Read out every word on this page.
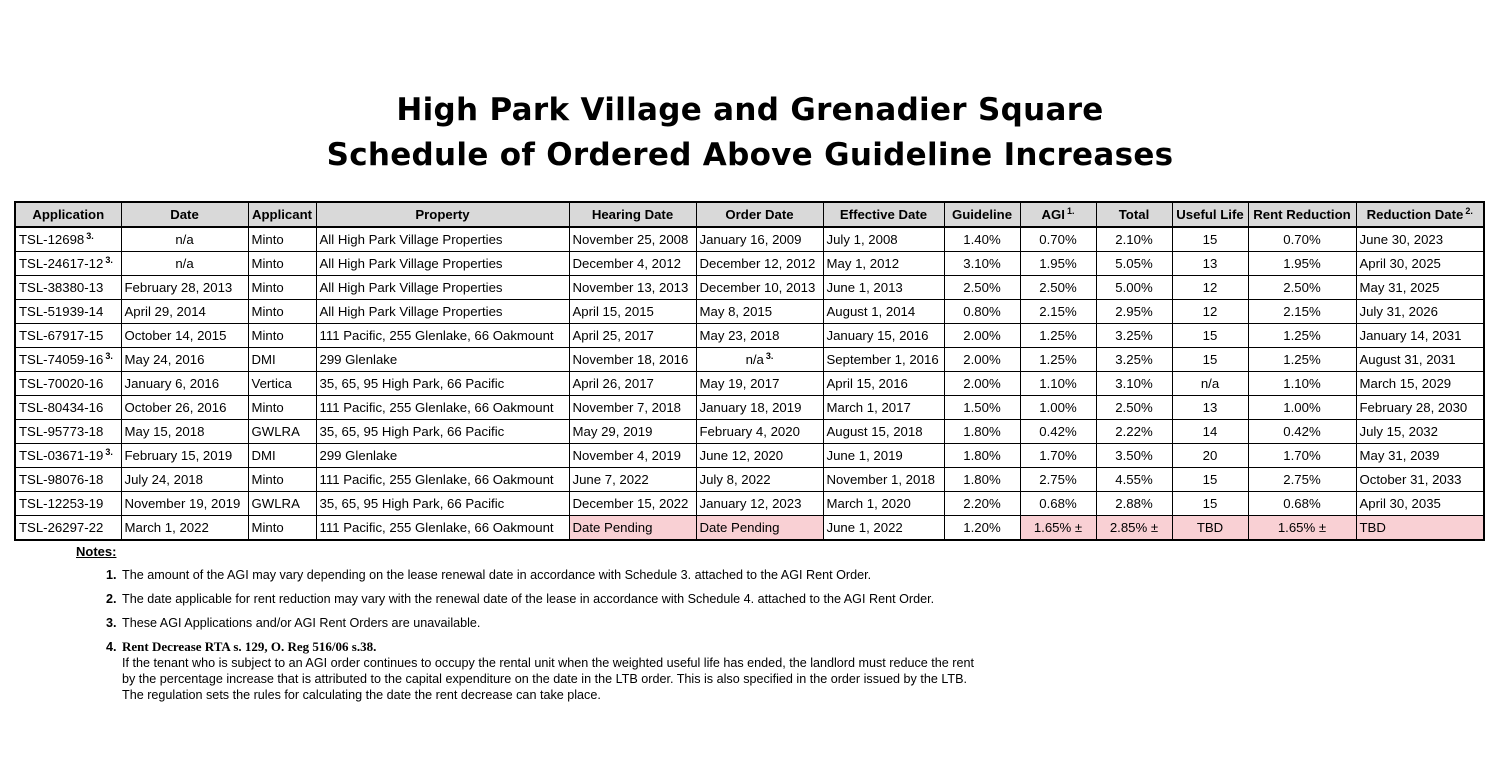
High Park Village and Grenadier Square
Schedule of Ordered Above Guideline Increases
Application	Date	Applicant	Property	Hearing Date	Order Date	Effective Date	Guideline	AGI $^{1.}$	Total	Useful Life	Rent Reduction	Reduction Date $^{2.}$
TSL-12698 $^{3.}$	n/a	Minto	All High Park Village Properties	November 25, 2008	January 16, 2009	July 1, 2008	1.40%	0.70%	2.10%	15	0.70%	June 30, 2023
TSL-24617-12 $^{3.}$	n/a	Minto	All High Park Village Properties	December 4, 2012	December 12, 2012	May 1, 2012	3.10%	1.95%	5.05%	13	1.95%	April 30, 2025
TSL-38380-13	February 28, 2013	Minto	All High Park Village Properties	November 13, 2013	December 10, 2013	June 1, 2013	2.50%	2.50%	5.00%	12	2.50%	May 31, 2025
TSL-51939-14	April 29, 2014	Minto	All High Park Village Properties	April 15, 2015	May 8, 2015	August 1, 2014	0.80%	2.15%	2.95%	12	2.15%	July 31, 2026
TSL-67917-15	October 14, 2015	Minto	111 Pacific, 255 Glenlake, 66 Oakmount	April 25, 2017	May 23, 2018	January 15, 2016	2.00%	1.25%	3.25%	15	1.25%	January 14, 2031
TSL-74059-16 $^{3.}$	May 24, 2016	DMI	299 Glenlake	November 18, 2016	n/a $^{3.}$	September 1, 2016	2.00%	1.25%	3.25%	15	1.25%	August 31, 2031
TSL-70020-16	January 6, 2016	Vertica	35, 65, 95 High Park, 66 Pacific	April 26, 2017	May 19, 2017	April 15, 2016	2.00%	1.10%	3.10%	n/a	1.10%	March 15, 2029
TSL-80434-16	October 26, 2016	Minto	111 Pacific, 255 Glenlake, 66 Oakmount	November 7, 2018	January 18, 2019	March 1, 2017	1.50%	1.00%	2.50%	13	1.00%	February 28, 2030
TSL-95773-18	May 15, 2018	GWLRA	35, 65, 95 High Park, 66 Pacific	May 29, 2019	February 4, 2020	August 15, 2018	1.80%	0.42%	2.22%	14	0.42%	July 15, 2032
TSL-03671-19 $^{3.}$	February 15, 2019	DMI	299 Glenlake	November 4, 2019	June 12, 2020	June 1, 2019	1.80%	1.70%	3.50%	20	1.70%	May 31, 2039
TSL-98076-18	July 24, 2018	Minto	111 Pacific, 255 Glenlake, 66 Oakmount	June 7, 2022	July 8, 2022	November 1, 2018	1.80%	2.75%	4.55%	15	2.75%	October 31, 2033
TSL-12253-19	November 19, 2019	GWLRA	35, 65, 95 High Park, 66 Pacific	December 15, 2022	January 12, 2023	March 1, 2020	2.20%	0.68%	2.88%	15	0.68%	April 30, 2035
TSL-26297-22	March 1, 2022	Minto	111 Pacific, 255 Glenlake, 66 Oakmount	Date Pending	Date Pending	June 1, 2022	1.20%	1.65% ±	2.85% ±	TBD	1.65% ±	TBD
Notes:
1. The amount of the AGI may vary depending on the lease renewal date in accordance with Schedule 3. attached to the AGI Rent Order.
2. The date applicable for rent reduction may vary with the renewal date of the lease in accordance with Schedule 4. attached to the AGI Rent Order.
3. These AGI Applications and/or AGI Rent Orders are unavailable.
4. Rent Decrease RTA s. 129, O. Reg 516/06 s.38.
If the tenant who is subject to an AGI order continues to occupy the rental unit when the weighted useful life has ended, the landlord must reduce the rent by the percentage increase that is attributed to the capital expenditure on the date in the LTB order. This is also specified in the order issued by the LTB. The regulation sets the rules for calculating the date the rent decrease can take place.
